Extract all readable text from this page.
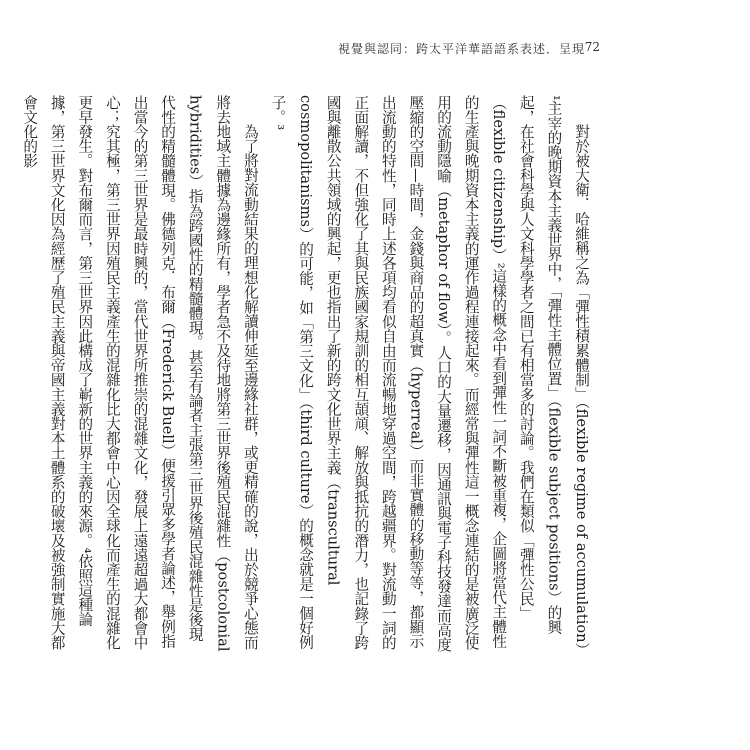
視覺與認同：跨太平洋華語語系表述．呈現 72

對於被大衛．哈維稱之為「彈性積累體制」（flexible regime of accumulation）¹主宰的晚期資本主義世界中，「彈性主體位置」（flexible subject positions）的興起，在社會科學與人文科學學者之間已有相當多的討論。我們在類似「彈性公民」（flexible citizenship）²這樣的概念中看到彈性一詞不斷被重複，企圖將當代主體性的生產與晚期資本主義的運作過程連接起來。而經常與彈性這一概念連結的是被廣泛使用的流動隱喻（metaphor of flow）。人口的大量遷移，因通訊與電子科技發達而高度壓縮的空間—時間，金錢與商品的超真實（hyperreal）而非實體的移動等等，都顯示出流動的特性，同時上述各項均看似自由而流暢地穿過空間，跨越疆界。對流動一詞的正面解讀，不但強化了其與民族國家規訓的相互頡頏、解放與抵抗的潛力，也記錄了跨國與離散公共領域的興起，更也指出了新的跨文化世界主義（transcultural cosmopolitanisms）的可能，如「第三文化」（third culture）的概念就是一個好例子。³

為了將對流動結果的理想化解讀伸延至邊緣社群，或更精確的說，出於競爭心態而將去地域主體據為邊緣所有，學者急不及待地將第三世界後殖民混雜性（postcolonial hybridities）指為跨國性的精髓體現。甚至有論者主張第三世界後殖民混雜性是後現代性的精髓體現。佛德列克．布爾（Frederick Buell）便援引眾多學者論述，舉例指出當今的第三世界是最時興的，當代世界所推崇的混雜文化，發展上遠遠超過大都會中心；究其極，第三世界因殖民主義產生的混雜化比大都會中心因全球化而產生的混雜化更早發生。對布爾而言，第三世界因此構成了嶄新的世界主義的來源。⁴依照這種論據，第三世界文化因為經歷了殖民主義與帝國主義對本土體系的破壞及被強制實施大都會文化的影
